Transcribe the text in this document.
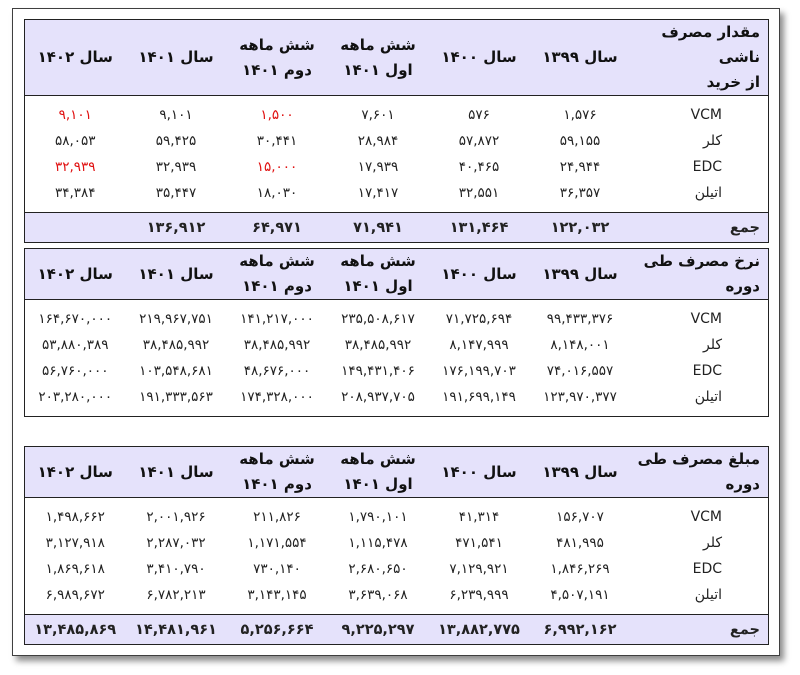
مقدار مصرف ناشی
از خرید	سال ۱۳۹۹	سال ۱۴۰۰	شش ماهه
اول ۱۴۰۱	شش ماهه
دوم ۱۴۰۱	سال ۱۴۰۱	سال ۱۴۰۲
VCM	۱,۵۷۶	۵۷۶	۷,۶۰۱	۱,۵۰۰	۹,۱۰۱	۹,۱۰۱
کلر	۵۹,۱۵۵	۵۷,۸۷۲	۲۸,۹۸۴	۳۰,۴۴۱	۵۹,۴۲۵	۵۸,۰۵۳
EDC	۲۴,۹۴۴	۴۰,۴۶۵	۱۷,۹۳۹	۱۵,۰۰۰	۳۲,۹۳۹	۳۲,۹۳۹
اتیلن	۳۶,۳۵۷	۳۲,۵۵۱	۱۷,۴۱۷	۱۸,۰۳۰	۳۵,۴۴۷	۳۴,۳۸۴
جمع	۱۲۲,۰۳۲	۱۳۱,۴۶۴	۷۱,۹۴۱	۶۴,۹۷۱	۱۳۶,۹۱۲	
نرخ مصرف طی دوره	سال ۱۳۹۹	سال ۱۴۰۰	شش ماهه
اول ۱۴۰۱	شش ماهه
دوم ۱۴۰۱	سال ۱۴۰۱	سال ۱۴۰۲
VCM	۹۹,۴۳۳,۳۷۶	۷۱,۷۲۵,۶۹۴	۲۳۵,۵۰۸,۶۱۷	۱۴۱,۲۱۷,۰۰۰	۲۱۹,۹۶۷,۷۵۱	۱۶۴,۶۷۰,۰۰۰
کلر	۸,۱۴۸,۰۰۱	۸,۱۴۷,۹۹۹	۳۸,۴۸۵,۹۹۲	۳۸,۴۸۵,۹۹۲	۳۸,۴۸۵,۹۹۲	۵۳,۸۸۰,۳۸۹
EDC	۷۴,۰۱۶,۵۵۷	۱۷۶,۱۹۹,۷۰۳	۱۴۹,۴۳۱,۴۰۶	۴۸,۶۷۶,۰۰۰	۱۰۳,۵۴۸,۶۸۱	۵۶,۷۶۰,۰۰۰
اتیلن	۱۲۳,۹۷۰,۳۷۷	۱۹۱,۶۹۹,۱۴۹	۲۰۸,۹۳۷,۷۰۵	۱۷۴,۳۲۸,۰۰۰	۱۹۱,۳۳۳,۵۶۳	۲۰۳,۲۸۰,۰۰۰
مبلغ مصرف طی
دوره	سال ۱۳۹۹	سال ۱۴۰۰	شش ماهه
اول ۱۴۰۱	شش ماهه
دوم ۱۴۰۱	سال ۱۴۰۱	سال ۱۴۰۲
VCM	۱۵۶,۷۰۷	۴۱,۳۱۴	۱,۷۹۰,۱۰۱	۲۱۱,۸۲۶	۲,۰۰۱,۹۲۶	۱,۴۹۸,۶۶۲
کلر	۴۸۱,۹۹۵	۴۷۱,۵۴۱	۱,۱۱۵,۴۷۸	۱,۱۷۱,۵۵۴	۲,۲۸۷,۰۳۲	۳,۱۲۷,۹۱۸
EDC	۱,۸۴۶,۲۶۹	۷,۱۲۹,۹۲۱	۲,۶۸۰,۶۵۰	۷۳۰,۱۴۰	۳,۴۱۰,۷۹۰	۱,۸۶۹,۶۱۸
اتیلن	۴,۵۰۷,۱۹۱	۶,۲۳۹,۹۹۹	۳,۶۳۹,۰۶۸	۳,۱۴۳,۱۴۵	۶,۷۸۲,۲۱۳	۶,۹۸۹,۶۷۲
جمع	۶,۹۹۲,۱۶۲	۱۳,۸۸۲,۷۷۵	۹,۲۲۵,۲۹۷	۵,۲۵۶,۶۶۴	۱۴,۴۸۱,۹۶۱	۱۳,۴۸۵,۸۶۹
